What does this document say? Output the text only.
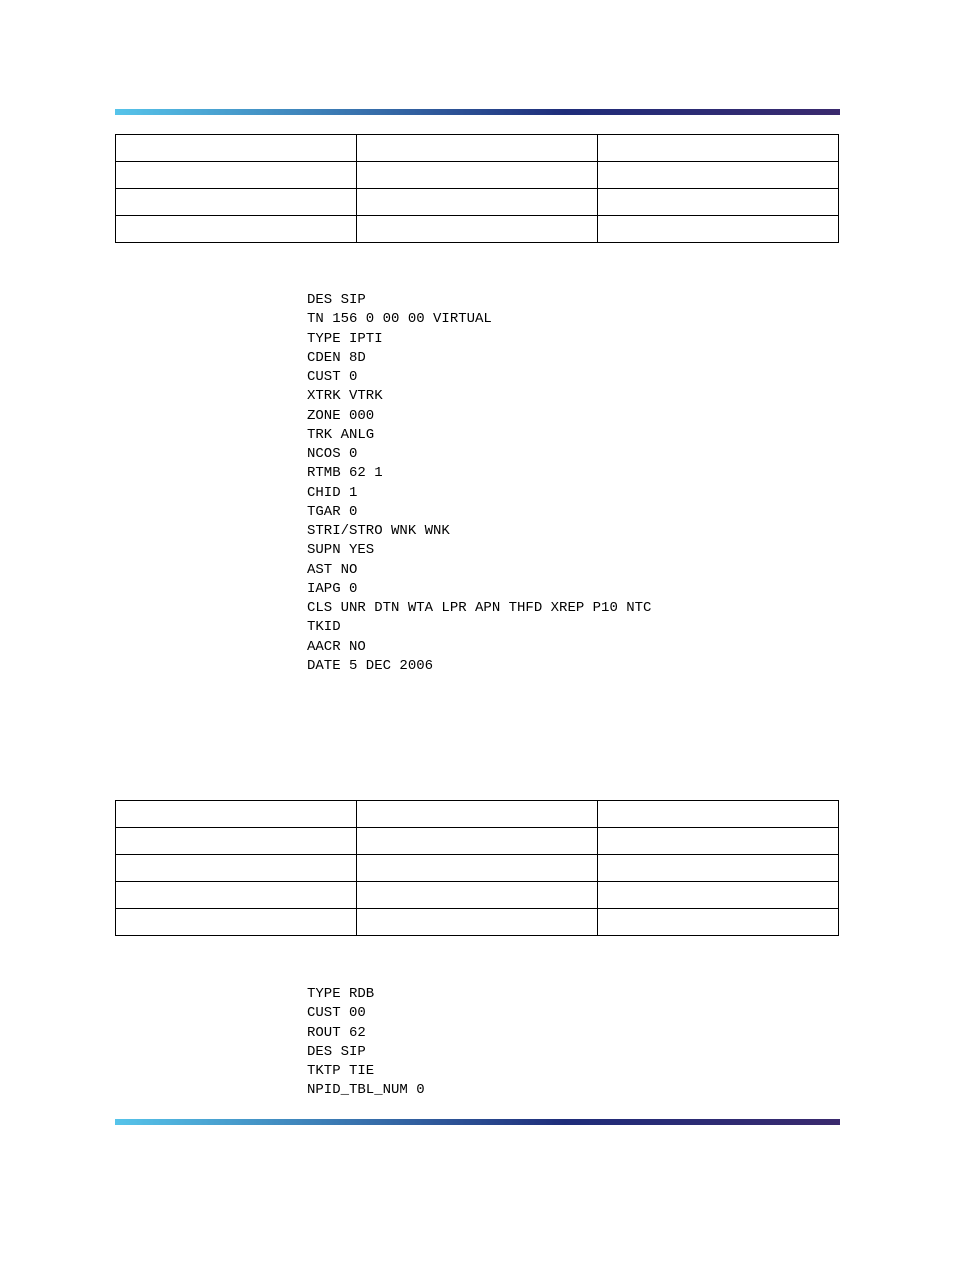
DES SIP
TN 156 0 00 00 VIRTUAL
TYPE IPTI
CDEN 8D
CUST 0
XTRK VTRK
ZONE 000
TRK ANLG
NCOS 0
RTMB 62 1
CHID 1
TGAR 0
STRI/STRO WNK WNK
SUPN YES
AST NO
IAPG 0
CLS UNR DTN WTA LPR APN THFD XREP P10 NTC
TKID
AACR NO
DATE 5 DEC 2006

TYPE RDB
CUST 00
ROUT 62
DES SIP
TKTP TIE
NPID_TBL_NUM 0
